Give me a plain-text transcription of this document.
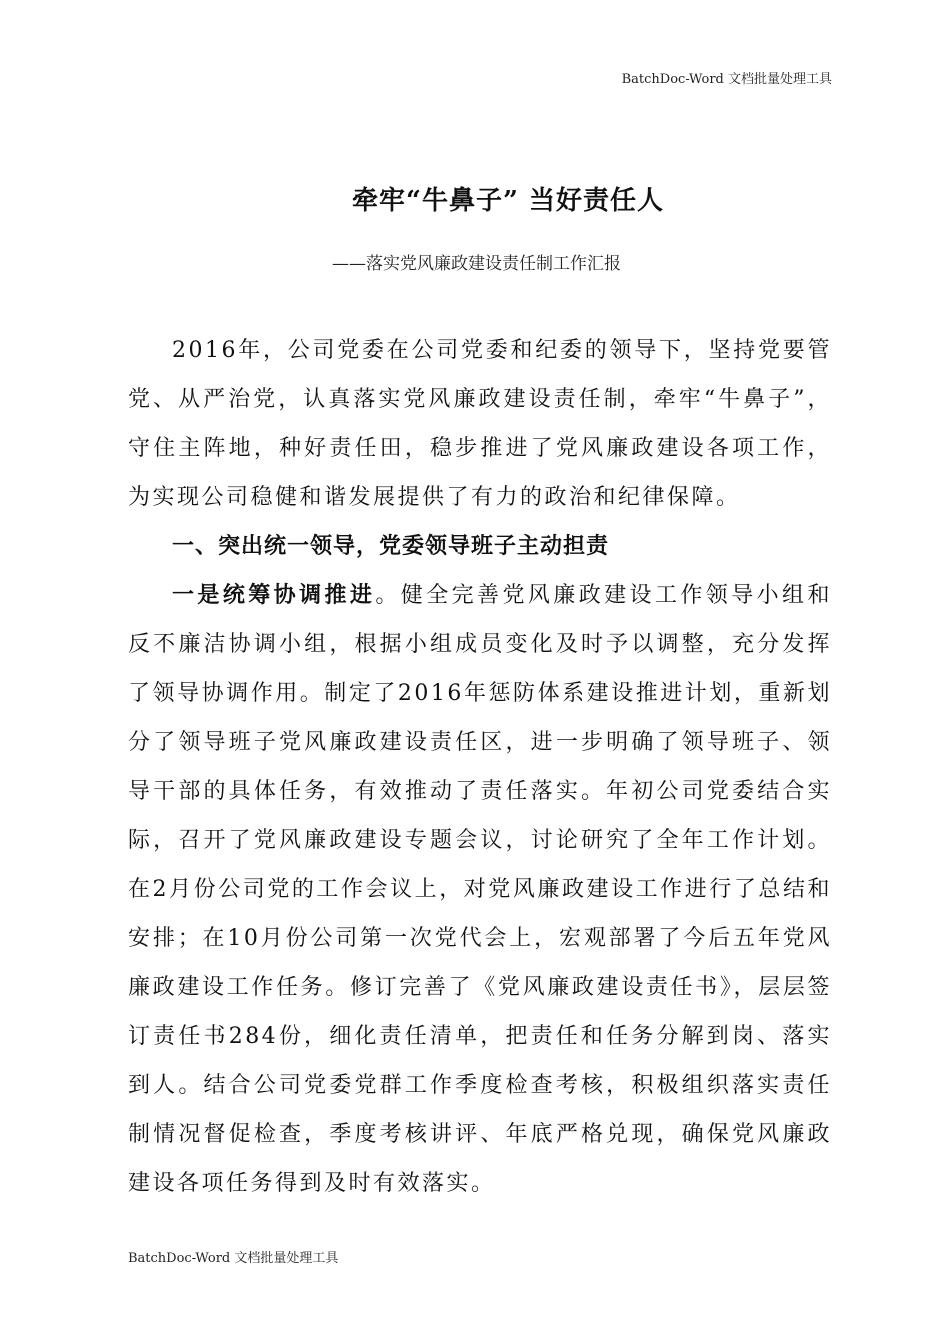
BatchDoc-Word 文档批量处理工具
牵牢“牛鼻子” 当好责任人
——落实党风廉政建设责任制工作汇报

2016年，公司党委在公司党委和纪委的领导下，坚持党要管党、从严治党，认真落实党风廉政建设责任制，牵牢“牛鼻子”，守住主阵地，种好责任田，稳步推进了党风廉政建设各项工作，为实现公司稳健和谐发展提供了有力的政治和纪律保障。

一、突出统一领导，党委领导班子主动担责

一是统筹协调推进。健全完善党风廉政建设工作领导小组和反不廉洁协调小组，根据小组成员变化及时予以调整，充分发挥了领导协调作用。制定了2016年惩防体系建设推进计划，重新划分了领导班子党风廉政建设责任区，进一步明确了领导班子、领导干部的具体任务，有效推动了责任落实。年初公司党委结合实际，召开了党风廉政建设专题会议，讨论研究了全年工作计划。在2月份公司党的工作会议上，对党风廉政建设工作进行了总结和安排；在10月份公司第一次党代会上，宏观部署了今后五年党风廉政建设工作任务。修订完善了《党风廉政建设责任书》，层层签订责任书284份，细化责任清单，把责任和任务分解到岗、落实到人。结合公司党委党群工作季度检查考核，积极组织落实责任制情况督促检查，季度考核讲评、年底严格兑现，确保党风廉政建设各项任务得到及时有效落实。

BatchDoc-Word 文档批量处理工具
